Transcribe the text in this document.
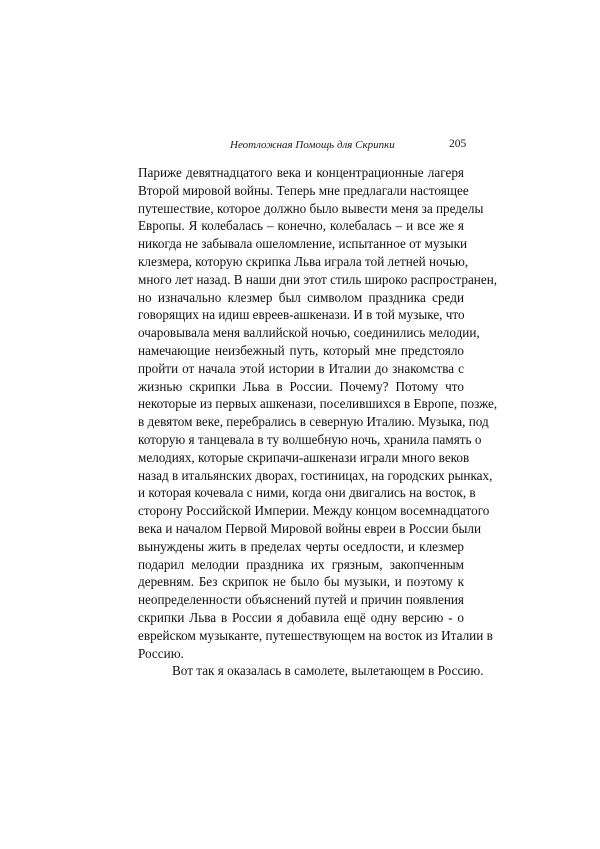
Неотложная Помощь для Скрипки	205
Париже девятнадцатого века и концентрационные лагеря
Второй мировой войны. Теперь мне предлагали настоящее
путешествие, которое должно было вывести меня за пределы
Европы. Я колебалась – конечно, колебалась – и все же я
никогда не забывала ошеломление, испытанное от музыки
клезмера, которую скрипка Льва играла той летней ночью,
много лет назад. В наши дни этот стиль широко распространен,
но изначально клезмер был символом праздника среди
говорящих на идиш евреев-ашкенази. И в той музыке, что
очаровывала меня валлийской ночью, соединились мелодии,
намечающие неизбежный путь, который мне предстояло
пройти от начала этой истории в Италии до знакомства с
жизнью скрипки Льва в России. Почему? Потому что
некоторые из первых ашкенази, поселившихся в Европе, позже,
в девятом веке, перебрались в северную Италию. Музыка, под
которую я танцевала в ту волшебную ночь, хранила память о
мелодиях, которые скрипачи-ашкенази играли много веков
назад в итальянских дворах, гостиницах, на городских рынках,
и которая кочевала с ними, когда они двигались на восток, в
сторону Российской Империи. Между концом восемнадцатого
века и началом Первой Мировой войны евреи в России были
вынуждены жить в пределах черты оседлости, и клезмер
подарил мелодии праздника их грязным, закопченным
деревням. Без скрипок не было бы музыки, и поэтому к
неопределенности объяснений путей и причин появления
скрипки Льва в России я добавила ещё одну версию - о
еврейском музыканте, путешествующем на восток из Италии в
Россию.
Вот так я оказалась в самолете, вылетающем в Россию.
